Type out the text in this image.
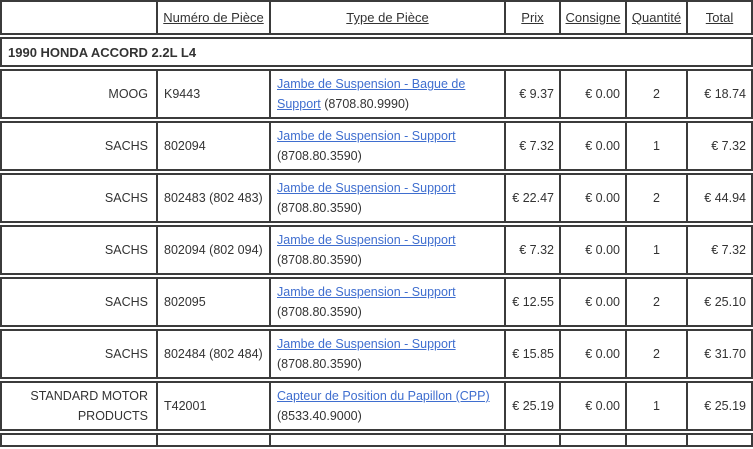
	Numéro de Pièce	Type de Pièce	Prix	Consigne	Quantité	Total
1990 HONDA ACCORD 2.2L L4						
MOOG	K9443	Jambe de Suspension - Bague de Support (8708.80.9990)	€ 9.37	€ 0.00	2	€ 18.74
SACHS	802094	Jambe de Suspension - Support (8708.80.3590)	€ 7.32	€ 0.00	1	€ 7.32
SACHS	802483 (802 483)	Jambe de Suspension - Support (8708.80.3590)	€ 22.47	€ 0.00	2	€ 44.94
SACHS	802094 (802 094)	Jambe de Suspension - Support (8708.80.3590)	€ 7.32	€ 0.00	1	€ 7.32
SACHS	802095	Jambe de Suspension - Support (8708.80.3590)	€ 12.55	€ 0.00	2	€ 25.10
SACHS	802484 (802 484)	Jambe de Suspension - Support (8708.80.3590)	€ 15.85	€ 0.00	2	€ 31.70
STANDARD MOTOR PRODUCTS	T42001	Capteur de Position du Papillon (CPP) (8533.40.9000)	€ 25.19	€ 0.00	1	€ 25.19
